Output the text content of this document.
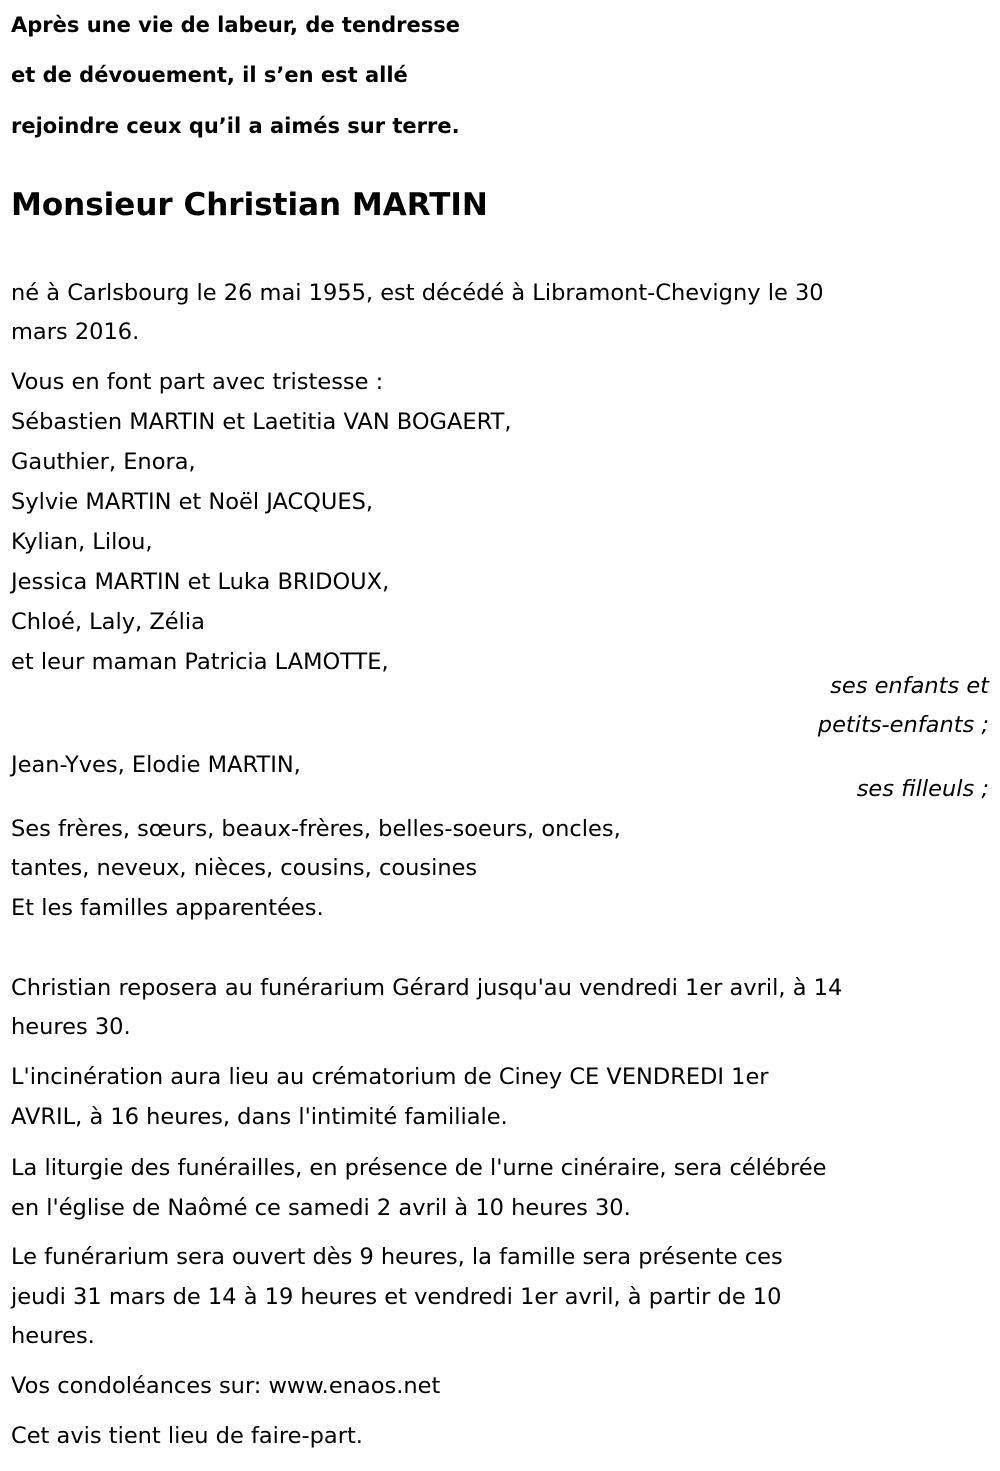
Après une vie de labeur, de tendresse
et de dévouement, il s’en est allé
rejoindre ceux qu’il a aimés sur terre.
Monsieur Christian MARTIN
né à Carlsbourg le 26 mai 1955, est décédé à Libramont-Chevigny le 30
mars 2016.
Vous en font part avec tristesse :
Sébastien MARTIN et Laetitia VAN BOGAERT,
Gauthier, Enora,
Sylvie MARTIN et Noël JACQUES,
Kylian, Lilou,
Jessica MARTIN et Luka BRIDOUX,
Chloé, Laly, Zélia
et leur maman Patricia LAMOTTE,
ses enfants et
petits-enfants ;
Jean-Yves, Elodie MARTIN,
ses filleuls ;
Ses frères, sœurs, beaux-frères, belles-soeurs, oncles,
tantes, neveux, nièces, cousins, cousines
Et les familles apparentées.
Christian reposera au funérarium Gérard jusqu'au vendredi 1er avril, à 14
heures 30.
L'incinération aura lieu au crématorium de Ciney CE VENDREDI 1er
AVRIL, à 16 heures, dans l'intimité familiale.
La liturgie des funérailles, en présence de l'urne cinéraire, sera célébrée
en l'église de Naômé ce samedi 2 avril à 10 heures 30.
Le funérarium sera ouvert dès 9 heures, la famille sera présente ces
jeudi 31 mars de 14 à 19 heures et vendredi 1er avril, à partir de 10
heures.
Vos condoléances sur: www.enaos.net
Cet avis tient lieu de faire-part.
